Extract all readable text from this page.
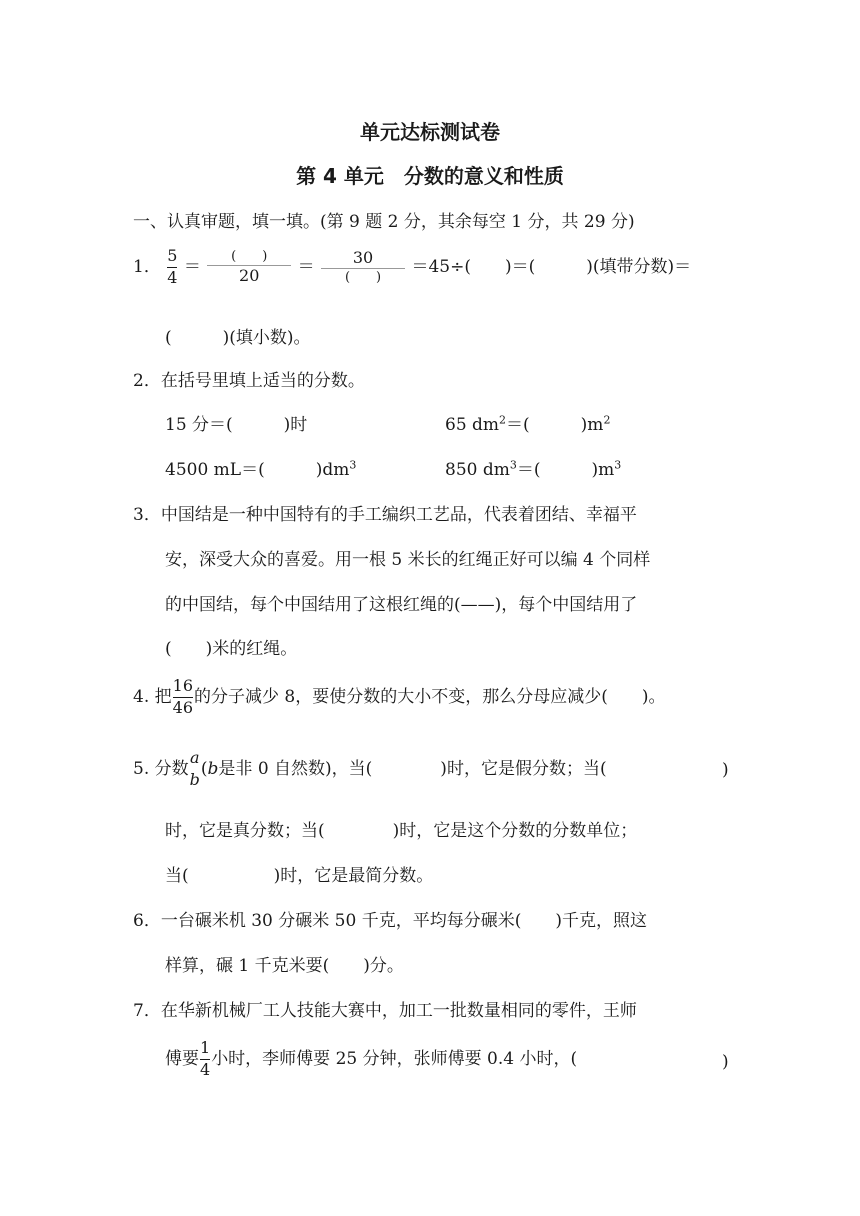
单元达标测试卷
第 4 单元　分数的意义和性质
一、认真审题，填一填。(第 9 题 2 分，其余每空 1 分，共 29 分)
1． $\frac{5}{4} = \frac{( )}{20} = \frac{30}{( )} =45\div$(　　)＝(　　　)(填带分数)＝
(　　　)(填小数)。
2．在括号里填上适当的分数。
15 分＝(　　　)时	65 $dm^2=$(　　　)$m^2$
4500 mL＝(　　　)$dm^3$	850 $dm^3=$(　　　)$m^3$
3．中国结是一种中国特有的手工编织工艺品，代表着团结、幸福平
安，深受大众的喜爱。用一根 5 米长的红绳正好可以编 4 个同样
的中国结，每个中国结用了这根红绳的(——)，每个中国结用了
(　　)米的红绳。
4. 把 $\frac{16}{46}$ 的分子减少 8，要使分数的大小不变，那么分母应减少(　　)。
5. 分数
a
b
(b是非 0 自然数)，当(　　　　)时，它是假分数；当(	)
时，它是真分数；当(　　　　)时，它是这个分数的分数单位；
当(　　　　　)时，它是最简分数。
6．一台碾米机 30 分碾米 50 千克，平均每分碾米(　　)千克，照这
样算，碾 1 千克米要(　　)分。
7．在华新机械厂工人技能大赛中，加工一批数量相同的零件，王师
傅要 $\frac{1}{4}$ 小时，李师傅要 25 分钟，张师傅要 0.4 小时，(	)
